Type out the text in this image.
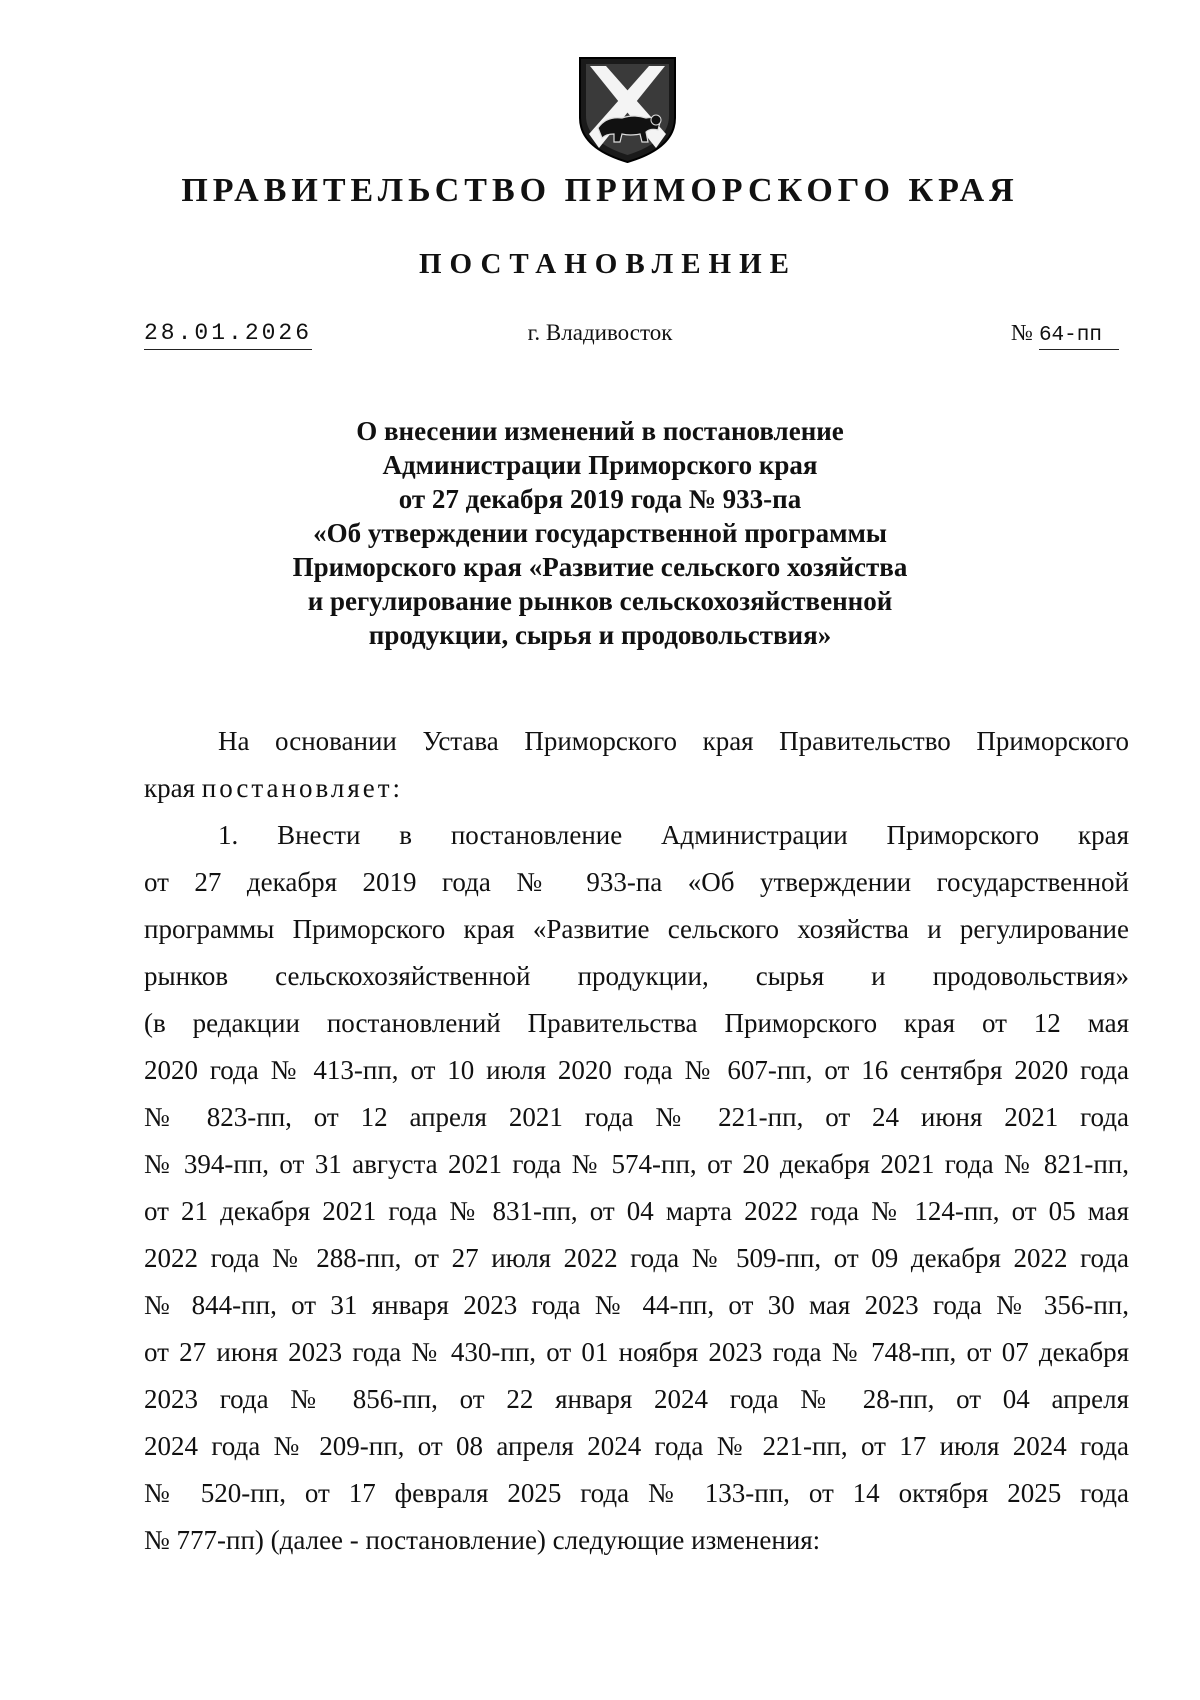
ПРАВИТЕЛЬСТВО ПРИМОРСКОГО КРАЯ
ПОСТАНОВЛЕНИЕ
28.01.2026	г. Владивосток	№ 64-пп
О внесении изменений в постановление
Администрации Приморского края
от 27 декабря 2019 года № 933-па
«Об утверждении государственной программы
Приморского края «Развитие сельского хозяйства
и регулирование рынков сельскохозяйственной
продукции, сырья и продовольствия»
На основании Устава Приморского края Правительство Приморского
края постановляет:
1. Внести в постановление Администрации Приморского края
от 27 декабря 2019 года № 933-па «Об утверждении государственной
программы Приморского края «Развитие сельского хозяйства и регулирование
рынков сельскохозяйственной продукции, сырья и продовольствия»
(в редакции постановлений Правительства Приморского края от 12 мая
2020 года № 413-пп, от 10 июля 2020 года № 607-пп, от 16 сентября 2020 года
№ 823-пп, от 12 апреля 2021 года № 221-пп, от 24 июня 2021 года
№ 394-пп, от 31 августа 2021 года № 574-пп, от 20 декабря 2021 года № 821-пп,
от 21 декабря 2021 года № 831-пп, от 04 марта 2022 года № 124-пп, от 05 мая
2022 года № 288-пп, от 27 июля 2022 года № 509-пп, от 09 декабря 2022 года
№ 844-пп, от 31 января 2023 года № 44-пп, от 30 мая 2023 года № 356-пп,
от 27 июня 2023 года № 430-пп, от 01 ноября 2023 года № 748-пп, от 07 декабря
2023 года № 856-пп, от 22 января 2024 года № 28-пп, от 04 апреля
2024 года № 209-пп, от 08 апреля 2024 года № 221-пп, от 17 июля 2024 года
№ 520-пп, от 17 февраля 2025 года № 133-пп, от 14 октября 2025 года
№ 777-пп) (далее - постановление) следующие изменения:
